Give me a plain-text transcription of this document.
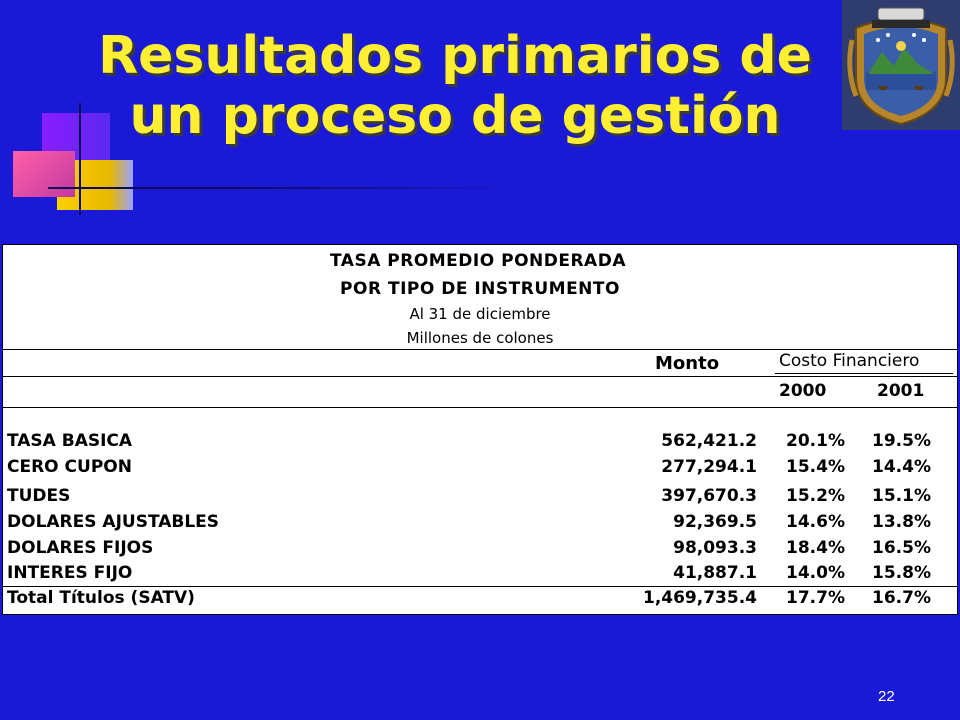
Resultados primarios de
un proceso de gestión
TASA PROMEDIO PONDERADA
POR TIPO DE INSTRUMENTO
Al 31 de diciembre
Millones de colones
Monto	Costo Financiero
2000	2001
TASA BASICA	562,421.2 20.1% 19.5%
CERO CUPON	277,294.1 15.4% 14.4%
TUDES	397,670.3 15.2% 15.1%
DOLARES AJUSTABLES	92,369.5 14.6% 13.8%
DOLARES FIJOS	98,093.3 18.4% 16.5%
INTERES FIJO	41,887.1 14.0% 15.8%
Total Títulos (SATV)	1,469,735.4 17.7% 16.7%
22
